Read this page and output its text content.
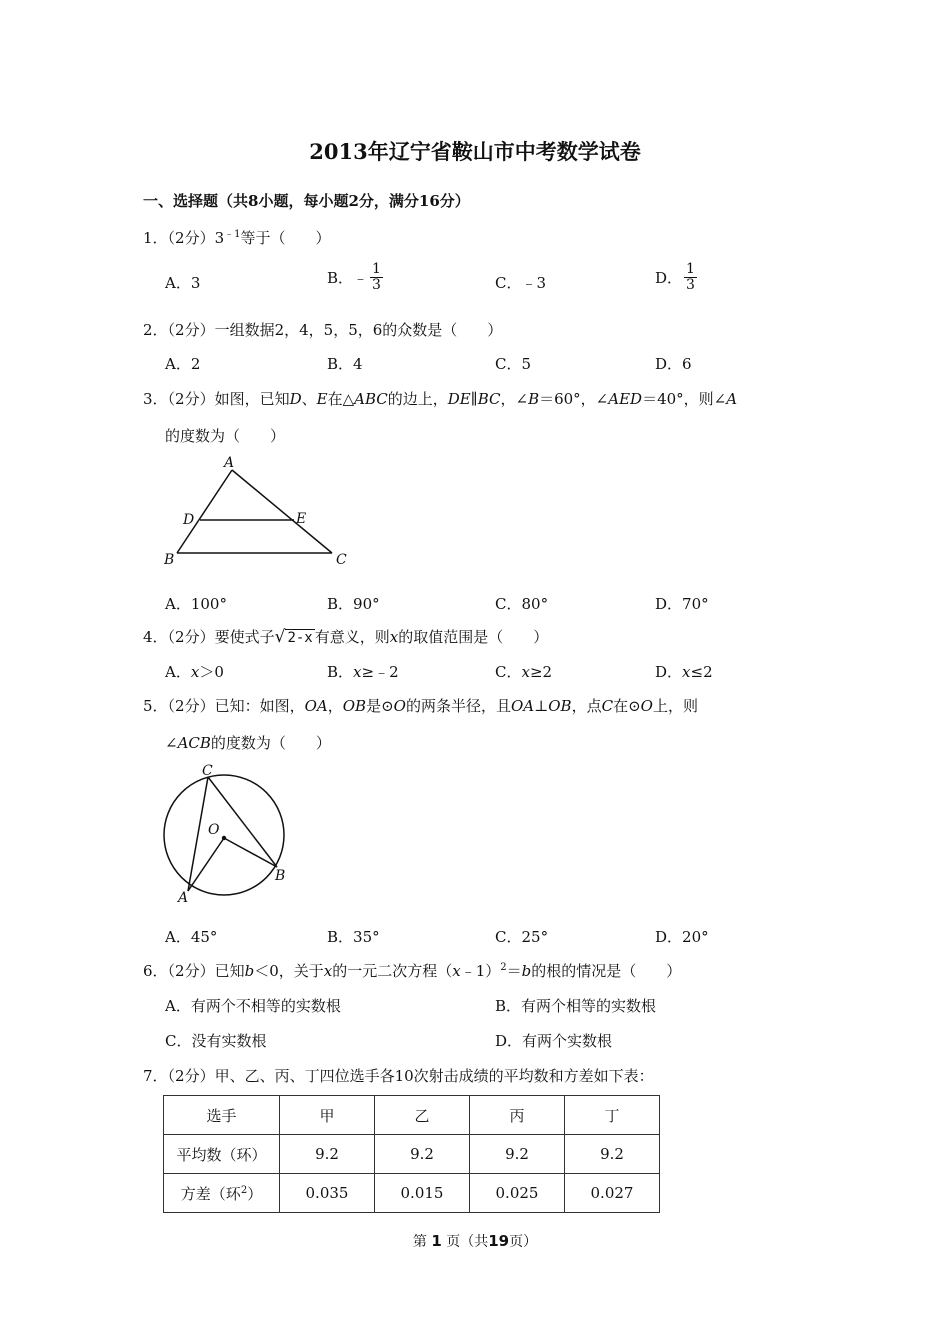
2013年辽宁省鞍山市中考数学试卷
一、选择题（共8小题，每小题2分，满分16分）
1．（2分）$3^{﹣1}$等于（　　）
A．3	B．﹣ $\frac{1}{3}$	C．﹣3	D． $\frac{1}{3}$
2．（2分）一组数据2，4，5，5，6的众数是（　　）
A．2	B．4	C．5	D．6
3．（2分）如图，已知D、E在△ABC的边上，DE∥BC，∠B＝60°，∠AED＝40°，则∠A
的度数为（　　）
A
D	E
B	C
A．100°	B．90°	C．80°	D．70°
4．（2分）要使式子√ 2-x 有意义，则x的取值范围是（　　）
A．x＞0	B．x≥﹣2	C．x≥2	D．x≤2
5．（2分）已知：如图，OA，OB是⊙O的两条半径，且OA⊥OB，点C在⊙O上，则
∠ACB的度数为（　　）
C
O
A
B
A．45°	B．35°	C．25°	D．20°
6．（2分）已知b＜0，关于x的一元二次方程（x﹣1）$^2$＝b的根的情况是（　　）
A．有两个不相等的实数根	B．有两个相等的实数根
C．没有实数根	D．有两个实数根
7．（2分）甲、乙、丙、丁四位选手各10次射击成绩的平均数和方差如下表：
选手	甲	乙	丙	丁
平均数（环）	9.2	9.2	9.2	9.2
方差（环$^2$）	0.035	0.015	0.025	0.027
第 1 页（共19页）
